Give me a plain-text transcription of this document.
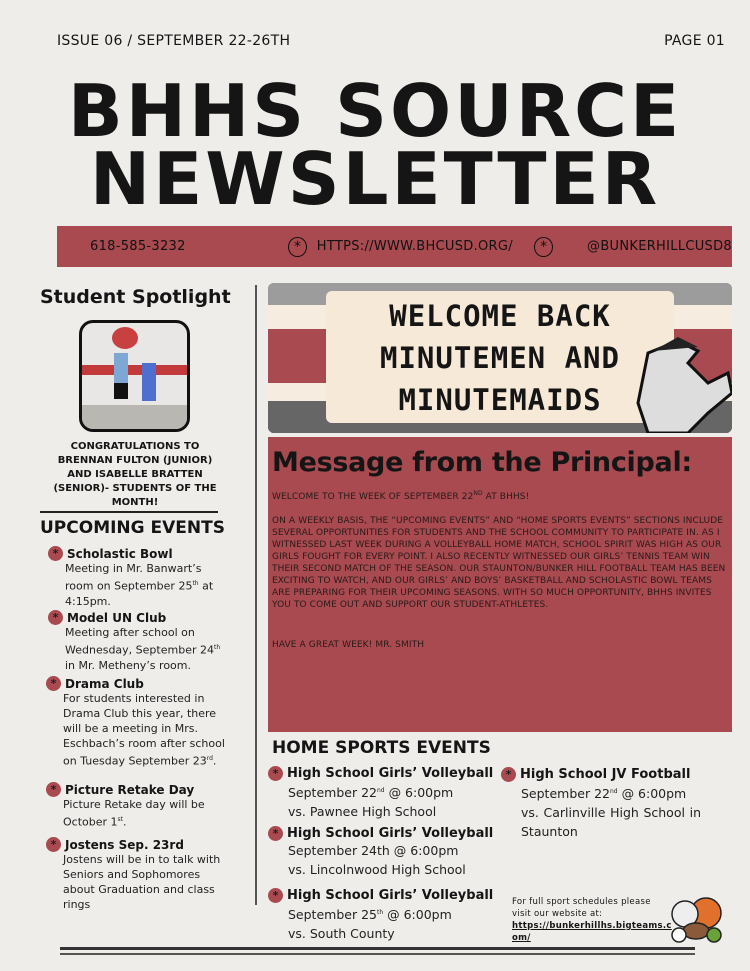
ISSUE 06 / SEPTEMBER 22-26TH	PAGE 01
BHHS SOURCE
NEWSLETTER
618-585-3232	*	HTTPS://WWW.BHCUSD.ORG/	*	@BUNKERHILLCUSD8
Student Spotlight
CONGRATULATIONS TO BRENNAN FULTON (JUNIOR) AND ISABELLE BRATTEN (SENIOR)- STUDENTS OF THE MONTH!
UPCOMING EVENTS
* Scholastic Bowl

Meeting in Mr. Banwart’s room on September 25th at 4:15pm.

* Model UN Club

Meeting after school on Wednesday, September 24th in Mr. Metheny’s room.

* Drama Club

For students interested in Drama Club this year, there will be a meeting in Mrs. Eschbach’s room after school on Tuesday September 23rd.

* Picture Retake Day

Picture Retake day will be October 1st.

* Jostens Sep. 23rd

Jostens will be in to talk with Seniors and Sophomores about Graduation and class rings

WELCOME BACK
MINUTEMEN AND
MINUTEMAIDS
Message from the Principal:
WELCOME TO THE WEEK OF SEPTEMBER 22ND AT BHHS!
ON A WEEKLY BASIS, THE “UPCOMING EVENTS” AND “HOME SPORTS EVENTS” SECTIONS INCLUDE SEVERAL OPPORTUNITIES FOR STUDENTS AND THE SCHOOL COMMUNITY TO PARTICIPATE IN. AS I WITNESSED LAST WEEK DURING A VOLLEYBALL HOME MATCH, SCHOOL SPIRIT WAS HIGH AS OUR GIRLS FOUGHT FOR EVERY POINT. I ALSO RECENTLY WITNESSED OUR GIRLS’ TENNIS TEAM WIN THEIR SECOND MATCH OF THE SEASON. OUR STAUNTON/BUNKER HILL FOOTBALL TEAM HAS BEEN EXCITING TO WATCH, AND OUR GIRLS’ AND BOYS’ BASKETBALL AND SCHOLASTIC BOWL TEAMS ARE PREPARING FOR THEIR UPCOMING SEASONS. WITH SO MUCH OPPORTUNITY, BHHS INVITES YOU TO COME OUT AND SUPPORT OUR STUDENT-ATHLETES.
HAVE A GREAT WEEK! MR. SMITH
HOME SPORTS EVENTS
* High School Girls’ Volleyball

September 22nd @ 6:00pm
vs. Pawnee High School

* High School Girls’ Volleyball

September 24th @ 6:00pm
vs. Lincolnwood High School

* High School Girls’ Volleyball

September 25th @ 6:00pm
vs. South County

* High School JV Football

September 22nd @ 6:00pm
vs. Carlinville High School in Staunton

For full sport schedules please visit our website at:
https://bunkerhillhs.bigteams.com/
